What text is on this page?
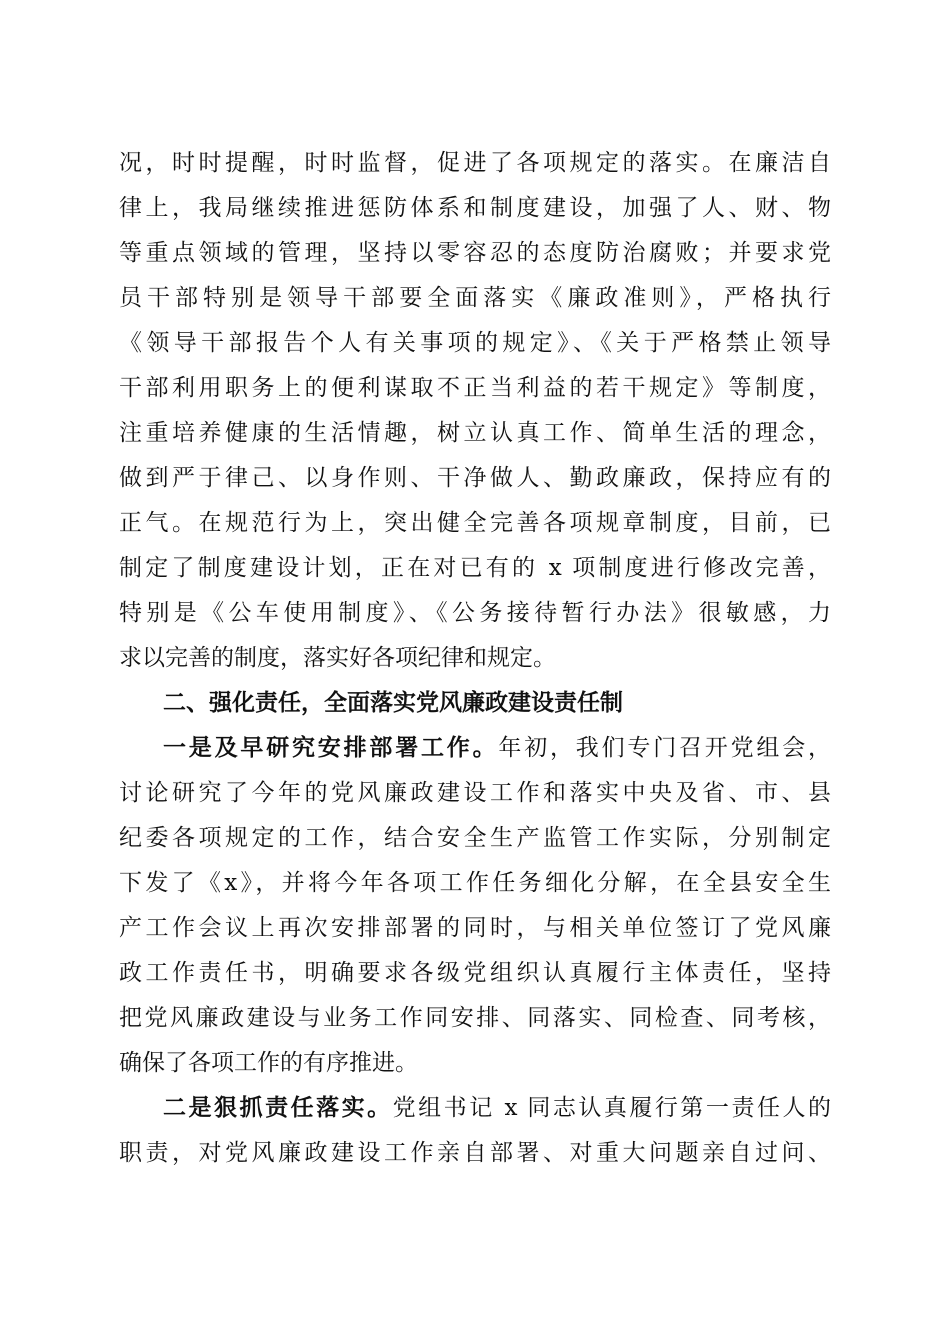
况，时时提醒，时时监督，促进了各项规定的落实。在廉洁自
律上，我局继续推进惩防体系和制度建设，加强了人、财、物
等重点领域的管理，坚持以零容忍的态度防治腐败；并要求党
员干部特别是领导干部要全面落实《廉政准则》，严格执行
《领导干部报告个人有关事项的规定》、《关于严格禁止领导
干部利用职务上的便利谋取不正当利益的若干规定》等制度，
注重培养健康的生活情趣，树立认真工作、简单生活的理念，
做到严于律己、以身作则、干净做人、勤政廉政，保持应有的
正气。在规范行为上，突出健全完善各项规章制度，目前，已
制定了制度建设计划，正在对已有的 x 项制度进行修改完善，
特别是《公车使用制度》、《公务接待暂行办法》很敏感，力
求以完善的制度，落实好各项纪律和规定。
二、强化责任，全面落实党风廉政建设责任制
一是及早研究安排部署工作。年初，我们专门召开党组会，
讨论研究了今年的党风廉政建设工作和落实中央及省、市、县
纪委各项规定的工作，结合安全生产监管工作实际，分别制定
下发了《x》，并将今年各项工作任务细化分解，在全县安全生
产工作会议上再次安排部署的同时，与相关单位签订了党风廉
政工作责任书，明确要求各级党组织认真履行主体责任，坚持
把党风廉政建设与业务工作同安排、同落实、同检查、同考核，
确保了各项工作的有序推进。
二是狠抓责任落实。党组书记 x 同志认真履行第一责任人的
职责，对党风廉政建设工作亲自部署、对重大问题亲自过问、
